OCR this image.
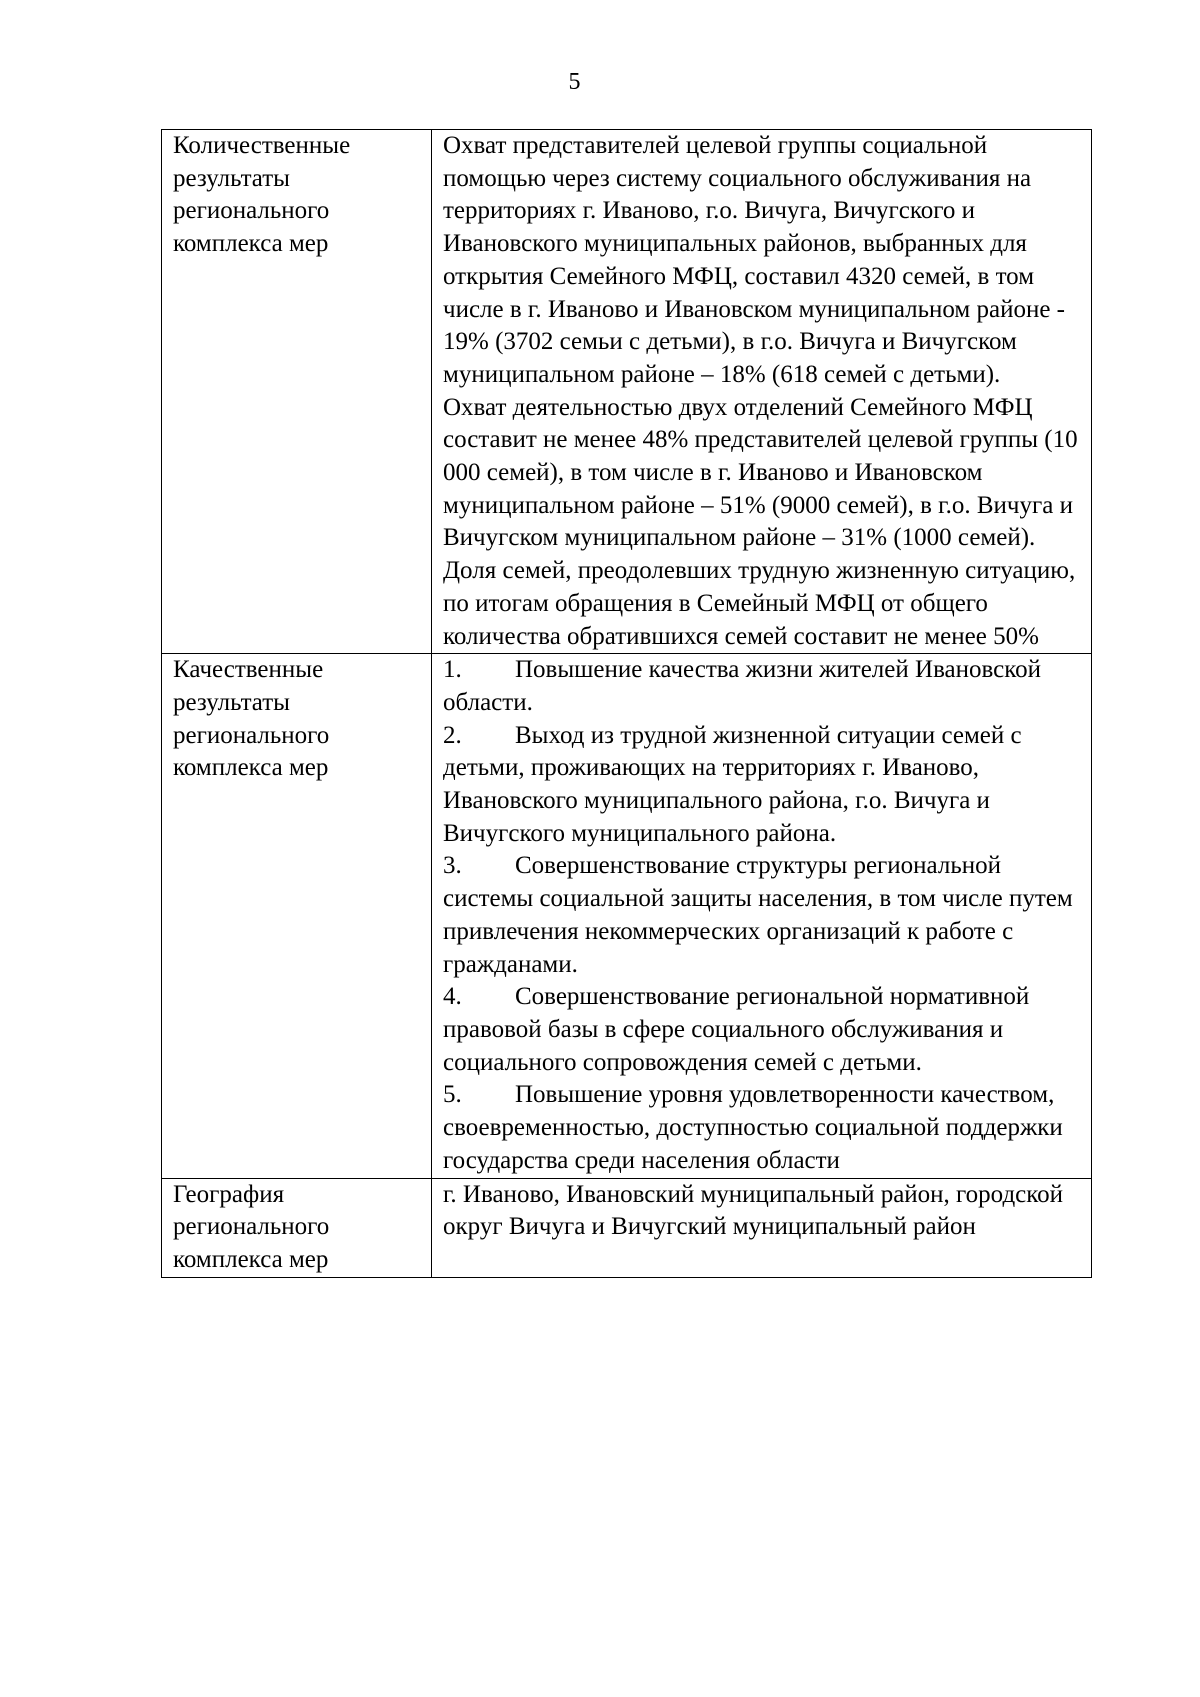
5
Количественные результаты регионального комплекса мер	Охват представителей целевой группы социальной помощью через систему социального обслуживания на территориях г. Иваново, г.о. Вичуга, Вичугского и Ивановского муниципальных районов, выбранных для открытия Семейного МФЦ, составил 4320 семей, в том числе в г. Иваново и Ивановском муниципальном районе - 19% (3702 семьи с детьми), в г.о. Вичуга и Вичугском муниципальном районе – 18% (618 семей с детьми).
Охват деятельностью двух отделений Семейного МФЦ составит не менее 48% представителей целевой группы (10 000 семей), в том числе в г. Иваново и Ивановском муниципальном районе – 51% (9000 семей), в г.о. Вичуга и Вичугском муниципальном районе – 31% (1000 семей).
Доля семей, преодолевших трудную жизненную ситуацию, по итогам обращения в Семейный МФЦ от общего количества обратившихся семей составит не менее 50%

Качественные результаты регионального комплекса мер	1. Повышение качества жизни жителей Ивановской области.
2. Выход из трудной жизненной ситуации семей с детьми, проживающих на территориях г. Иваново, Ивановского муниципального района, г.о. Вичуга и Вичугского муниципального района.
3. Совершенствование структуры региональной системы социальной защиты населения, в том числе путем привлечения некоммерческих организаций к работе с гражданами.
4. Совершенствование региональной нормативной правовой базы в сфере социального обслуживания и социального сопровождения семей с детьми.
5. Повышение уровня удовлетворенности качеством, своевременностью, доступностью социальной поддержки государства среди населения области

География регионального комплекса мер	г. Иваново, Ивановский муниципальный район, городской округ Вичуга и Вичугский муниципальный район
